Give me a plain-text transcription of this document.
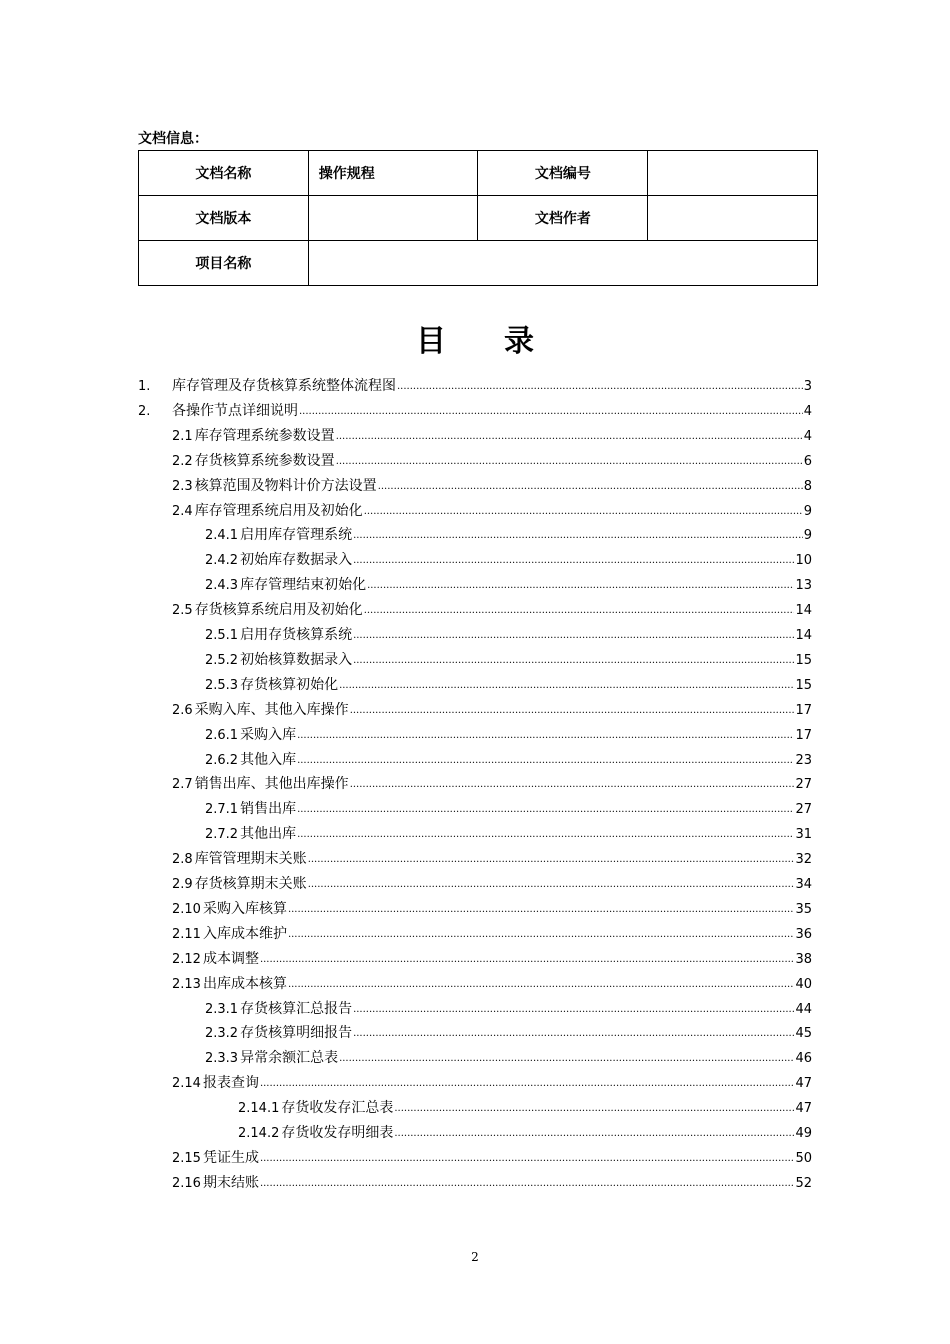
文档信息：
文档名称	操作规程	文档编号	
文档版本		文档作者	
项目名称			
目录
1.	库存管理及存货核算系统整体流程图 .....	3
2.	各操作节点详细说明 .....	4
2.1 库存管理系统参数设置 .....	4
2.2 存货核算系统参数设置 .....	6
2.3 核算范围及物料计价方法设置 .....	8
2.4 库存管理系统启用及初始化 .....	9
2.4.1 启用库存管理系统 .....	9
2.4.2 初始库存数据录入 .....	10
2.4.3 库存管理结束初始化 .....	13
2.5 存货核算系统启用及初始化 .....	14
2.5.1 启用存货核算系统 .....	14
2.5.2 初始核算数据录入 .....	15
2.5.3 存货核算初始化 .....	15
2.6 采购入库、其他入库操作 .....	17
2.6.1 采购入库 .....	17
2.6.2 其他入库 .....	23
2.7 销售出库、其他出库操作 .....	27
2.7.1 销售出库 .....	27
2.7.2 其他出库 .....	31
2.8 库管管理期末关账 .....	32
2.9 存货核算期末关账 .....	34
2.10 采购入库核算 .....	35
2.11 入库成本维护 .....	36
2.12 成本调整 .....	38
2.13 出库成本核算 .....	40
2.3.1 存货核算汇总报告 .....	44
2.3.2 存货核算明细报告 .....	45
2.3.3 异常余额汇总表 .....	46
2.14 报表查询 .....	47
2.14.1 存货收发存汇总表 .....	47
2.14.2 存货收发存明细表 .....	49
2.15 凭证生成 .....	50
2.16 期末结账 .....	52
2
